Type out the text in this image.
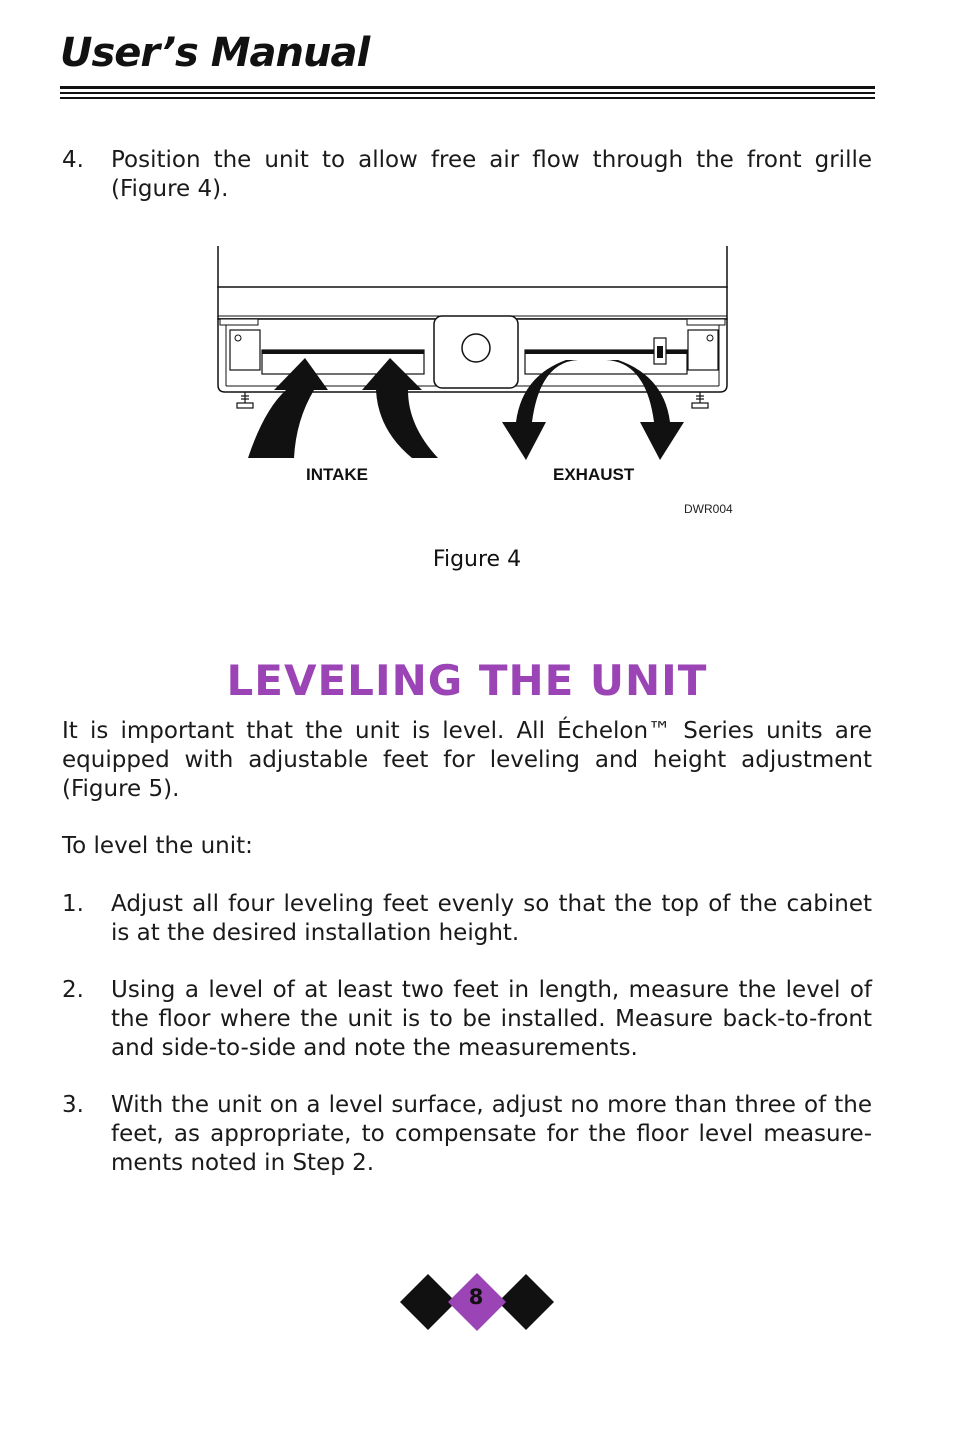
User’s Manual
4.	Position the unit to allow free air flow through the front grille (Figure 4).
INTAKE	EXHAUST
DWR004
Figure 4
LEVELING THE UNIT
It is important that the unit is level. All Échelon™ Series units are equipped with adjustable feet for leveling and height adjustment (Figure 5).
To level the unit:
1.	Adjust all four leveling feet evenly so that the top of the cabinet is at the desired installation height.
2.	Using a level of at least two feet in length, measure the level of the floor where the unit is to be installed. Measure back-to-front and side-to-side and note the measurements.
3.	With the unit on a level surface, adjust no more than three of the feet, as appropriate, to compensate for the floor level measure-ments noted in Step 2.
8
